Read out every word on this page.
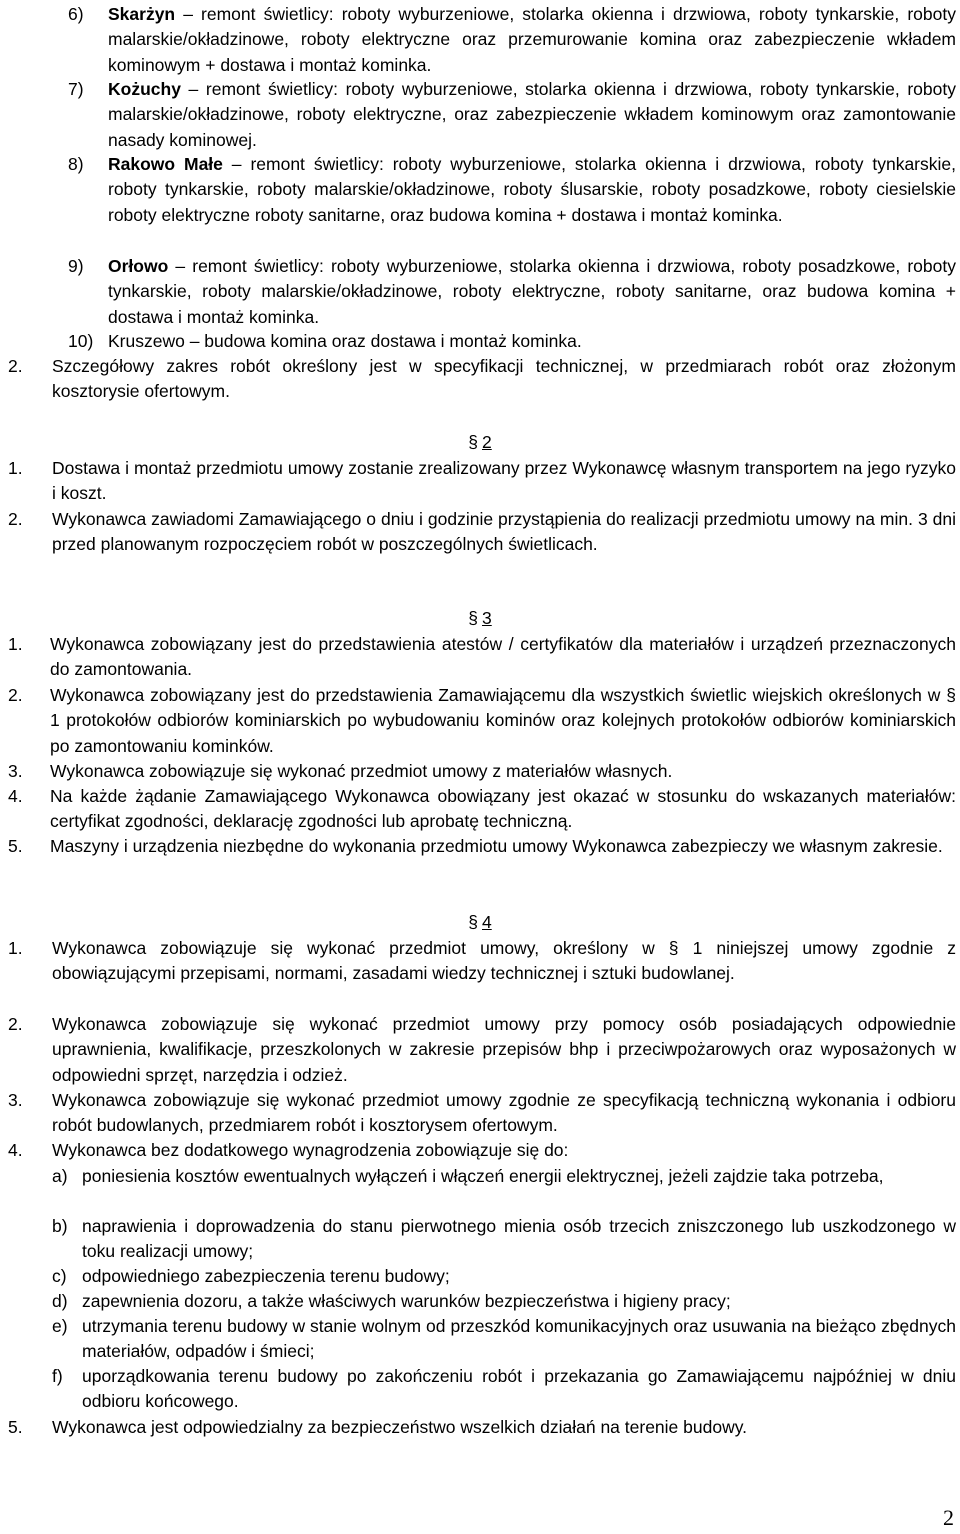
6) Skarżyn – remont świetlicy: roboty wyburzeniowe, stolarka okienna i drzwiowa, roboty tynkarskie, roboty malarskie/okładzinowe, roboty elektryczne oraz przemurowanie komina oraz zabezpieczenie wkładem kominowym + dostawa i montaż kominka.
7) Kożuchy – remont świetlicy: roboty wyburzeniowe, stolarka okienna i drzwiowa, roboty tynkarskie, roboty malarskie/okładzinowe, roboty elektryczne, oraz zabezpieczenie wkładem kominowym oraz zamontowanie nasady kominowej.
8) Rakowo Małe – remont świetlicy: roboty wyburzeniowe, stolarka okienna i drzwiowa, roboty tynkarskie, roboty tynkarskie, roboty malarskie/okładzinowe, roboty ślusarskie, roboty posadzkowe, roboty ciesielskie roboty elektryczne roboty sanitarne, oraz budowa komina + dostawa i montaż kominka.
9) Orłowo – remont świetlicy: roboty wyburzeniowe, stolarka okienna i drzwiowa, roboty posadzkowe, roboty tynkarskie, roboty malarskie/okładzinowe, roboty elektryczne, roboty sanitarne, oraz budowa komina + dostawa i montaż kominka.
10) Kruszewo – budowa komina oraz dostawa i montaż kominka.
2. Szczegółowy zakres robót określony jest w specyfikacji technicznej, w przedmiarach robót oraz złożonym kosztorysie ofertowym.
§ 2
1. Dostawa i montaż przedmiotu umowy zostanie zrealizowany przez Wykonawcę własnym transportem na jego ryzyko i koszt.
2. Wykonawca zawiadomi Zamawiającego o dniu i godzinie przystąpienia do realizacji przedmiotu umowy na min. 3 dni przed planowanym rozpoczęciem robót w poszczególnych świetlicach.
§ 3
1. Wykonawca zobowiązany jest do przedstawienia atestów / certyfikatów dla materiałów i urządzeń przeznaczonych do zamontowania.
2. Wykonawca zobowiązany jest do przedstawienia Zamawiającemu dla wszystkich świetlic wiejskich określonych w § 1 protokołów odbiorów kominiarskich po wybudowaniu kominów oraz kolejnych protokołów odbiorów kominiarskich po zamontowaniu kominków.
3. Wykonawca zobowiązuje się wykonać przedmiot umowy z materiałów własnych.
4. Na każde żądanie Zamawiającego Wykonawca obowiązany jest okazać w stosunku do wskazanych materiałów: certyfikat zgodności, deklarację zgodności lub aprobatę techniczną.
5. Maszyny i urządzenia niezbędne do wykonania przedmiotu umowy Wykonawca zabezpieczy we własnym zakresie.
§ 4
1. Wykonawca zobowiązuje się wykonać przedmiot umowy, określony w § 1 niniejszej umowy zgodnie z obowiązującymi przepisami, normami, zasadami wiedzy technicznej i sztuki budowlanej.
2. Wykonawca zobowiązuje się wykonać przedmiot umowy przy pomocy osób posiadających odpowiednie uprawnienia, kwalifikacje, przeszkolonych w zakresie przepisów bhp i przeciwpożarowych oraz wyposażonych w odpowiedni sprzęt, narzędzia i odzież.
3. Wykonawca zobowiązuje się wykonać przedmiot umowy zgodnie ze specyfikacją techniczną wykonania i odbioru robót budowlanych, przedmiarem robót i kosztorysem ofertowym.
4. Wykonawca bez dodatkowego wynagrodzenia zobowiązuje się do:
a) poniesienia kosztów ewentualnych wyłączeń i włączeń energii elektrycznej, jeżeli zajdzie taka potrzeba,
b) naprawienia i doprowadzenia do stanu pierwotnego mienia osób trzecich zniszczonego lub uszkodzonego w toku realizacji umowy;
c) odpowiedniego zabezpieczenia terenu budowy;
d) zapewnienia dozoru, a także właściwych warunków bezpieczeństwa i higieny pracy;
e) utrzymania terenu budowy w stanie wolnym od przeszkód komunikacyjnych oraz usuwania na bieżąco zbędnych materiałów, odpadów i śmieci;
f) uporządkowania terenu budowy po zakończeniu robót i przekazania go Zamawiającemu najpóźniej w dniu odbioru końcowego.
5. Wykonawca jest odpowiedzialny za bezpieczeństwo wszelkich działań na terenie budowy.
2
